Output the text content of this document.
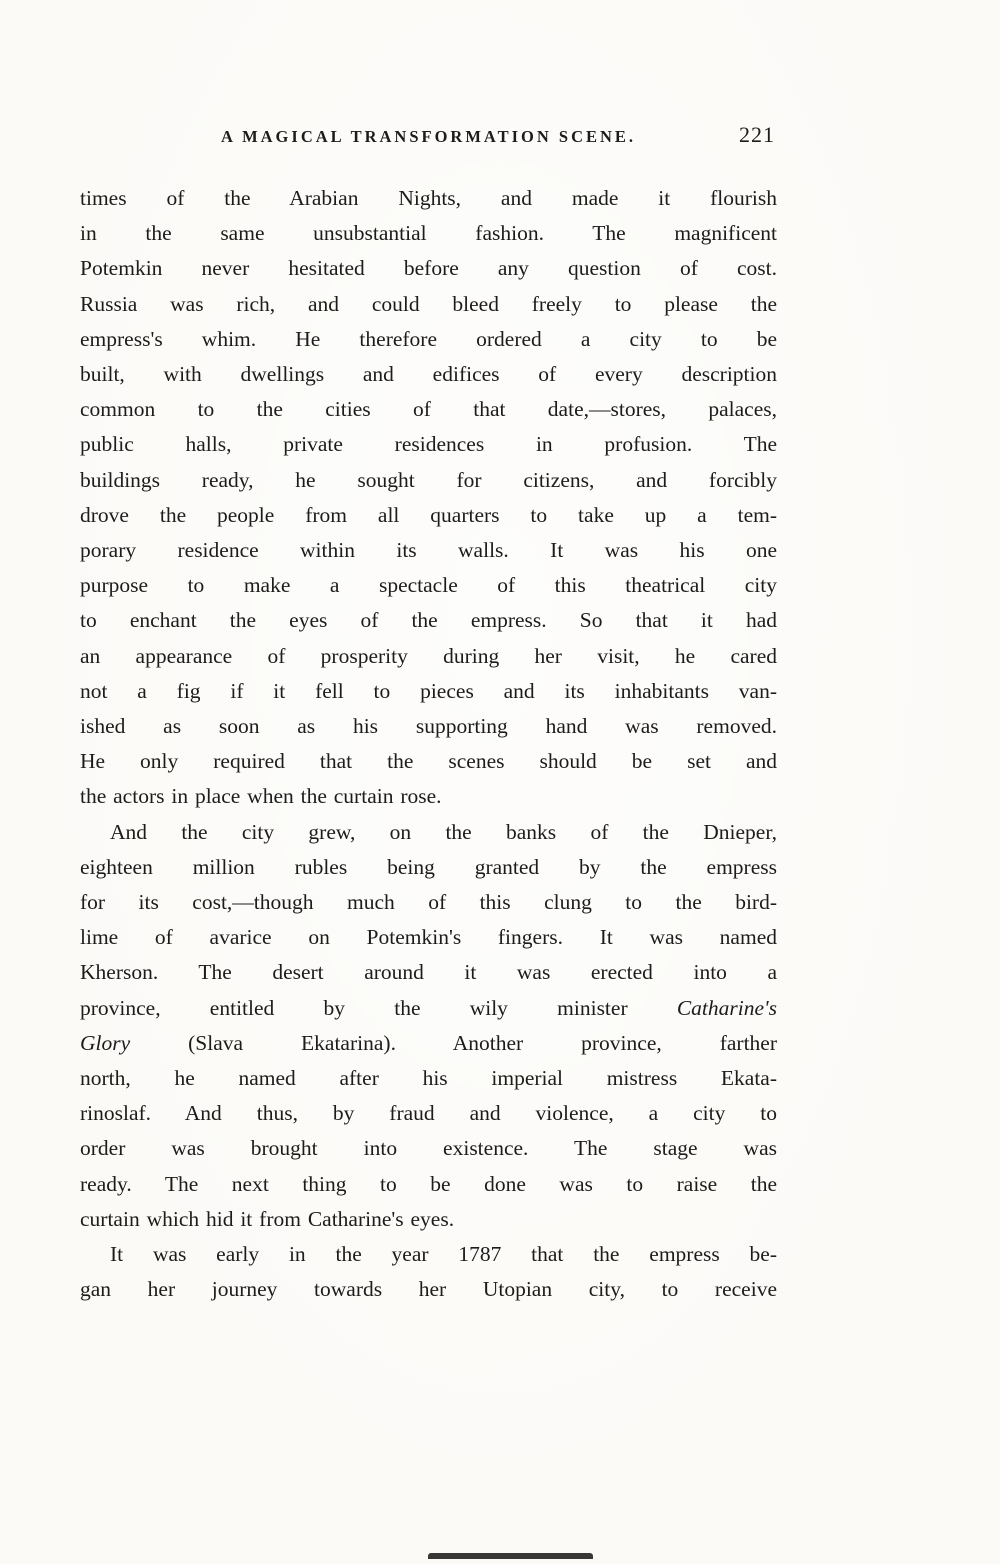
A MAGICAL TRANSFORMATION SCENE.	221
times of the Arabian Nights, and made it flourish
in the same unsubstantial fashion. The magnificent
Potemkin never hesitated before any question of cost.
Russia was rich, and could bleed freely to please the
empress's whim. He therefore ordered a city to be
built, with dwellings and edifices of every description
common to the cities of that date,—stores, palaces,
public halls, private residences in profusion. The
buildings ready, he sought for citizens, and forcibly
drove the people from all quarters to take up a tem-
porary residence within its walls. It was his one
purpose to make a spectacle of this theatrical city
to enchant the eyes of the empress. So that it had
an appearance of prosperity during her visit, he cared
not a fig if it fell to pieces and its inhabitants van-
ished as soon as his supporting hand was removed.
He only required that the scenes should be set and
the actors in place when the curtain rose.
And the city grew, on the banks of the Dnieper,
eighteen million rubles being granted by the empress
for its cost,—though much of this clung to the bird-
lime of avarice on Potemkin's fingers. It was named
Kherson. The desert around it was erected into a
province, entitled by the wily minister Catharine's
Glory (Slava Ekatarina). Another province, farther
north, he named after his imperial mistress Ekata-
rinoslaf. And thus, by fraud and violence, a city to
order was brought into existence. The stage was
ready. The next thing to be done was to raise the
curtain which hid it from Catharine's eyes.
It was early in the year 1787 that the empress be-
gan her journey towards her Utopian city, to receive
